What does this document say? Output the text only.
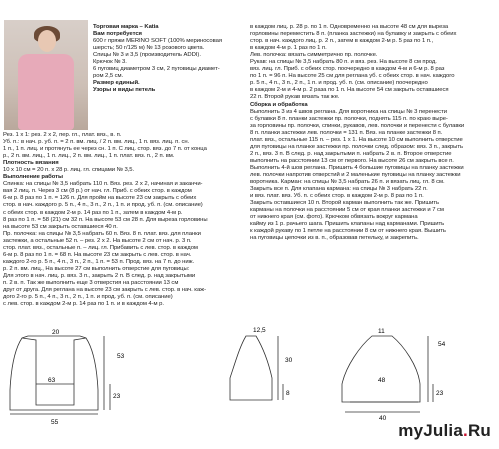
Торговая марка – Katia

Вам потребуется

600 г пряжи MERINO SOFT (100% мериносовая

шерсть; 50 г/125 м) № 13 розового цвета.

Спицы № 3 и 3,5 (производитель ADDI).

Крючок № 3.

6 пуговиц диаметром 3 см, 2 пуговицы диамет-

ром 2,5 см.

Размер единый.

Узоры и виды петель

Рез. 1 х 1: рез. 2 х 2, пер. гл., плат. вяз., в. п.

Уб. п.: в нач. р. уб. п. = 2 п. вм. лиц. / 2 п. вм. лиц., 1 п. вяз. лиц. п. сн.

1 п., 1 п. лиц. и протянуть ее через сн. 1 п. С лиц. стор. вяз. до 7 п. от конца

р., 2 п. вм. лиц., 1 п. лиц., 2 п. вм. лиц., 1 п. плат. вяз. п., 2 п. вм.

Плотность вязания

10 х 10 см = 20 п. х 28 р. лиц. гл. спицами № 3,5.

Выполнение работы

Спинка: на спицы № 3,5 набрать 110 п. Вяз. рез. 2 х 2, начиная и заканчи-

вая 2 лиц. п. Через 3 см (8 р.) от нач. гл. Приб. с обеих стор. в каждом

6-м р. 8 раз по 1 п. = 126 п. Для пройм на высоте 23 см закрыть с обеих

стор. в нач. каждого р. 5 п., 4 п., 3 п., 2 п., 1 п. и прод. уб. п. (см. описание)

с обеих стор. в каждом 2-м р. 14 раз по 1 п., затем в каждом 4-м р.

8 раз по 1 п. = 58 (21) см 32 п. На высоте 53 см 28 п. Для выреза горловины

на высоте 53 см закрыть оставшиеся 40 п.

Пр. полочка: на спицы № 3,5 набрать 60 п. Вяз. 8 п. плат. вяз. для планки

застежки, а остальные 52 п. – рез. 2 х 2. На высоте 2 см от нач. р. 3 п.

стор. плат. вяз., остальные п. – лиц. гл. Прибавить с лев. стор. в каждом

6-м р. 8 раз по 1 п. = 68 п. На высоте 23 см закрыть с лев. стор. в нач.

каждого 2-го р. 5 п., 4 п., 3 п., 2 п., 1 п. = 53 п. Прод. вяз. на 7 п. до ниж.

р. 2 п. вм. лиц., На высоте 27 см выполнить отверстие для пуговицы:

Для этого в нач. лиц. р. вяз. 3 п., закрыть 2 п. В след. р. над закрытыми

п. 2 в. п. Так же выполнить еще 3 отверстия на расстоянии 13 см

друг от друга. Для реглана на высоте 23 см закрыть с лев. стор. в нач. каж-

дого 2-го р. 5 п., 4 п., 3 п., 2 п., 1 п. и прод. уб. п. (см. описание)

с лев. стор. в каждом 2-м р. 14 раз по 1 п. и в каждом 4-м р.

в каждом лиц. р. 28 р. по 1 п. Одновременно на высоте 48 см для выреза

горловины переместить 8 п. (планка застежки) на булавку и закрыть с обеих

стор. в нач. каждого лиц. р. 2 п., затем в каждом 2-м р. 5 раз по 1 п.,

в каждом 4-м р. 1 раз по 1 п.

Лев. полочка: вязать симметрично пр. полочке.

Рукав: на спицы № 3,5 набрать 80 п. и вяз. рез. На высоте 8 см прод.

вяз. лиц. гл. Приб. с обеих стор. поочередно в каждом 4-м и 6-м р. 8 раз

по 1 п. = 96 п. На высоте 25 см для реглана уб. с обеих стор. в нач. каждого

р. 5 п., 4 п., 3 п., 2 п., 1 п. и прод. уб. п. (см. описание) поочередно

в каждом 2-м и 4-м р. 2 раза по 1 п. На высоте 54 см закрыть оставшиеся

22 п. Второй рукав вязать так же.

Сборка и обработка

Выполнить 3 из 4 швов реглана. Для воротника на спицы № 3 перенести

с булавки 8 п. планки застежки пр. полочки, поднять 115 п. по краю выре-

за горловины пр. полочки, спинки, рукавов, лев. полочки и перенести с булавки

8 п. планки застежки лев. полочки = 131 п. Вяз. на планке застежки 8 п.

плат. вяз., остальные 115 п. – рез. 1 х 1. На высоте 10 см выполнить отверстие

для пуговицы на планке застежки пр. полочки след. образом: вяз. 3 п., закрыть

2 п., вяз. 3 п. В след. р. над закрытыми п. набрать 2 в. п. Второе отверстие

выполнить на расстоянии 13 см от первого. На высоте 26 см закрыть все п.

Выполнить 4-й шов реглана. Пришить 4 большие пуговицы на планку застежки

лев. полочки напротив отверстий и 2 маленькие пуговицы на планку застежки

воротника. Карман: на спицы № 3,5 набрать 26 п. и вязать лиц. гл. 8 см.

Закрыть все п. Для клапана кармана: на спицы № 3 набрать 22 п.

и вяз. плат. вяз. Уб. п. с обеих стор. в каждом 2-м р. 8 раз по 1 п.

Закрыть оставшиеся 10 п. Второй карман выполнить так же. Пришить

карманы на полочки на расстоянии 5 см от края планки застежки и 7 см

от нижнего края (см. фото). Крючком обвязать вокруг кармана

кайму из 1 р. рачьего шага. Пришить клапаны над карманами. Пришить

к каждой рукаву по 1 петле на расстоянии 8 см от нижнего края. Вышить

на пуговицы цепочки из в. п., образовав петельку, и закрепить.

20
53
23
63
55
12,5
30
8
11
54
23
48
40
myJulia.Ru
